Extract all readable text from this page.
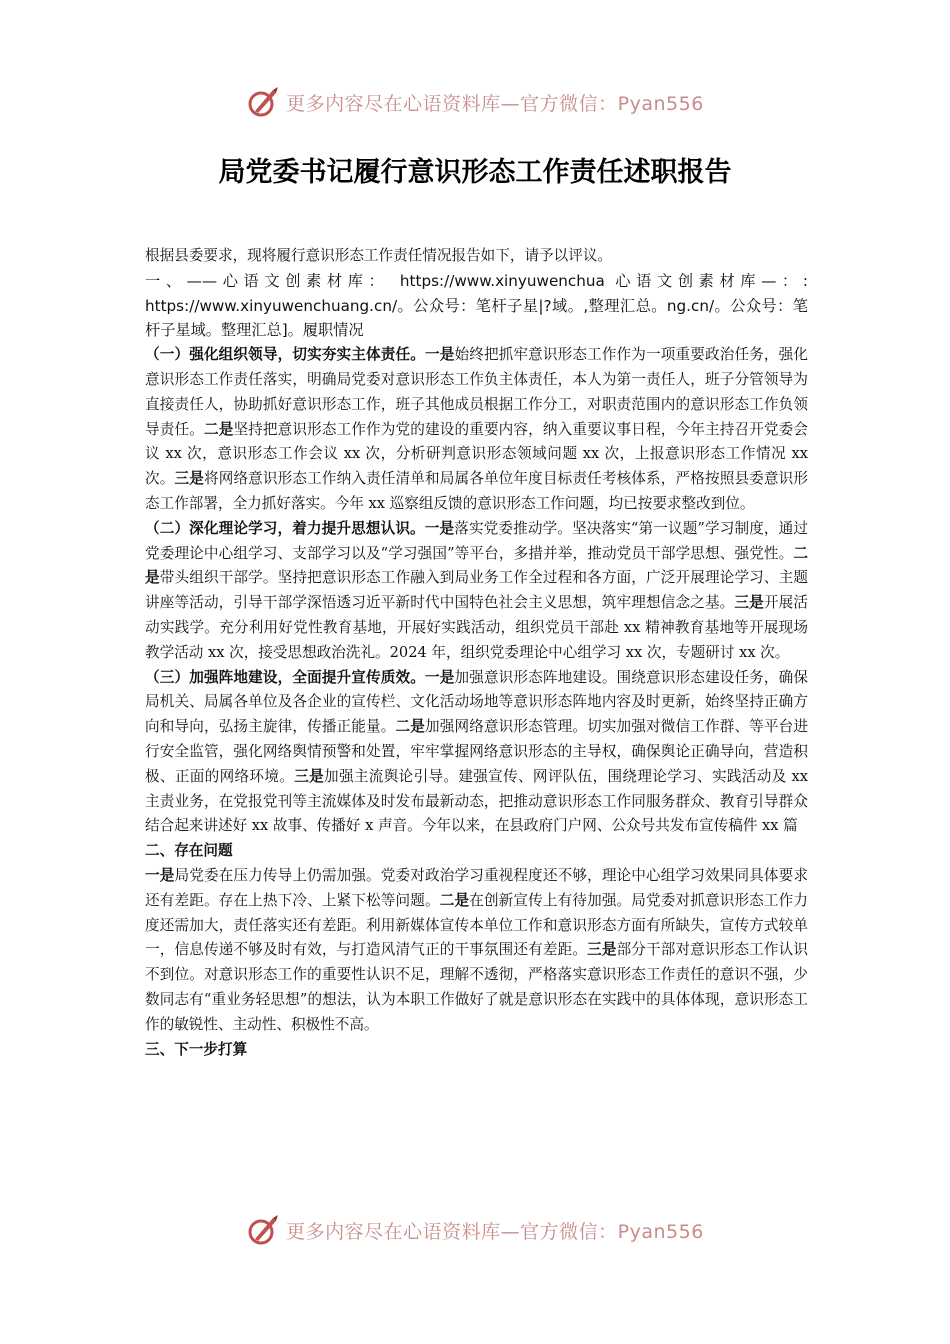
更多内容尽在心语资料库—官方微信：Pyan556
局党委书记履行意识形态工作责任述职报告

根据县委要求，现将履行意识形态工作责任情况报告如下，请予以评议。

一、——心语文创素材库： https://www.xinyuwenchua 心语文创素材库—：: https://www.xinyuwenchuang.cn/。公众号：笔杆子星|?域。,整理汇总。ng.cn/。公众号：笔杆子星域。整理汇总]。履职情况

（一）强化组织领导，切实夯实主体责任。一是始终把抓牢意识形态工作作为一项重要政治任务，强化意识形态工作责任落实，明确局党委对意识形态工作负主体责任，本人为第一责任人，班子分管领导为直接责任人，协助抓好意识形态工作，班子其他成员根据工作分工，对职责范围内的意识形态工作负领导责任。二是坚持把意识形态工作作为党的建设的重要内容，纳入重要议事日程，今年主持召开党委会议 xx 次，意识形态工作会议 xx 次，分析研判意识形态领域问题 xx 次，上报意识形态工作情况 xx 次。三是将网络意识形态工作纳入责任清单和局属各单位年度目标责任考核体系，严格按照县委意识形态工作部署，全力抓好落实。今年 xx 巡察组反馈的意识形态工作问题，均已按要求整改到位。

（二）深化理论学习，着力提升思想认识。一是落实党委推动学。坚决落实“第一议题”学习制度，通过党委理论中心组学习、支部学习以及“学习强国”等平台，多措并举，推动党员干部学思想、强党性。二是带头组织干部学。坚持把意识形态工作融入到局业务工作全过程和各方面，广泛开展理论学习、主题讲座等活动，引导干部学深悟透习近平新时代中国特色社会主义思想，筑牢理想信念之基。三是开展活动实践学。充分利用好党性教育基地，开展好实践活动，组织党员干部赴 xx 精神教育基地等开展现场教学活动 xx 次，接受思想政治洗礼。2024 年，组织党委理论中心组学习 xx 次，专题研讨 xx 次。

（三）加强阵地建设，全面提升宣传质效。一是加强意识形态阵地建设。围绕意识形态建设任务，确保局机关、局属各单位及各企业的宣传栏、文化活动场地等意识形态阵地内容及时更新，始终坚持正确方向和导向，弘扬主旋律，传播正能量。二是加强网络意识形态管理。切实加强对微信工作群、等平台进行安全监管，强化网络舆情预警和处置，牢牢掌握网络意识形态的主导权，确保舆论正确导向，营造积极、正面的网络环境。三是加强主流舆论引导。建强宣传、网评队伍，围绕理论学习、实践活动及 xx 主责业务，在党报党刊等主流媒体及时发布最新动态，把推动意识形态工作同服务群众、教育引导群众结合起来讲述好 xx 故事、传播好 x 声音。今年以来，在县政府门户网、公众号共发布宣传稿件 xx 篇

二、存在问题

一是局党委在压力传导上仍需加强。党委对政治学习重视程度还不够，理论中心组学习效果同具体要求还有差距。存在上热下冷、上紧下松等问题。二是在创新宣传上有待加强。局党委对抓意识形态工作力度还需加大，责任落实还有差距。利用新媒体宣传本单位工作和意识形态方面有所缺失，宣传方式较单一，信息传递不够及时有效，与打造风清气正的干事氛围还有差距。三是部分干部对意识形态工作认识不到位。对意识形态工作的重要性认识不足，理解不透彻，严格落实意识形态工作责任的意识不强，少数同志有“重业务轻思想”的想法，认为本职工作做好了就是意识形态在实践中的具体体现，意识形态工作的敏锐性、主动性、积极性不高。

三、下一步打算

更多内容尽在心语资料库—官方微信：Pyan556
